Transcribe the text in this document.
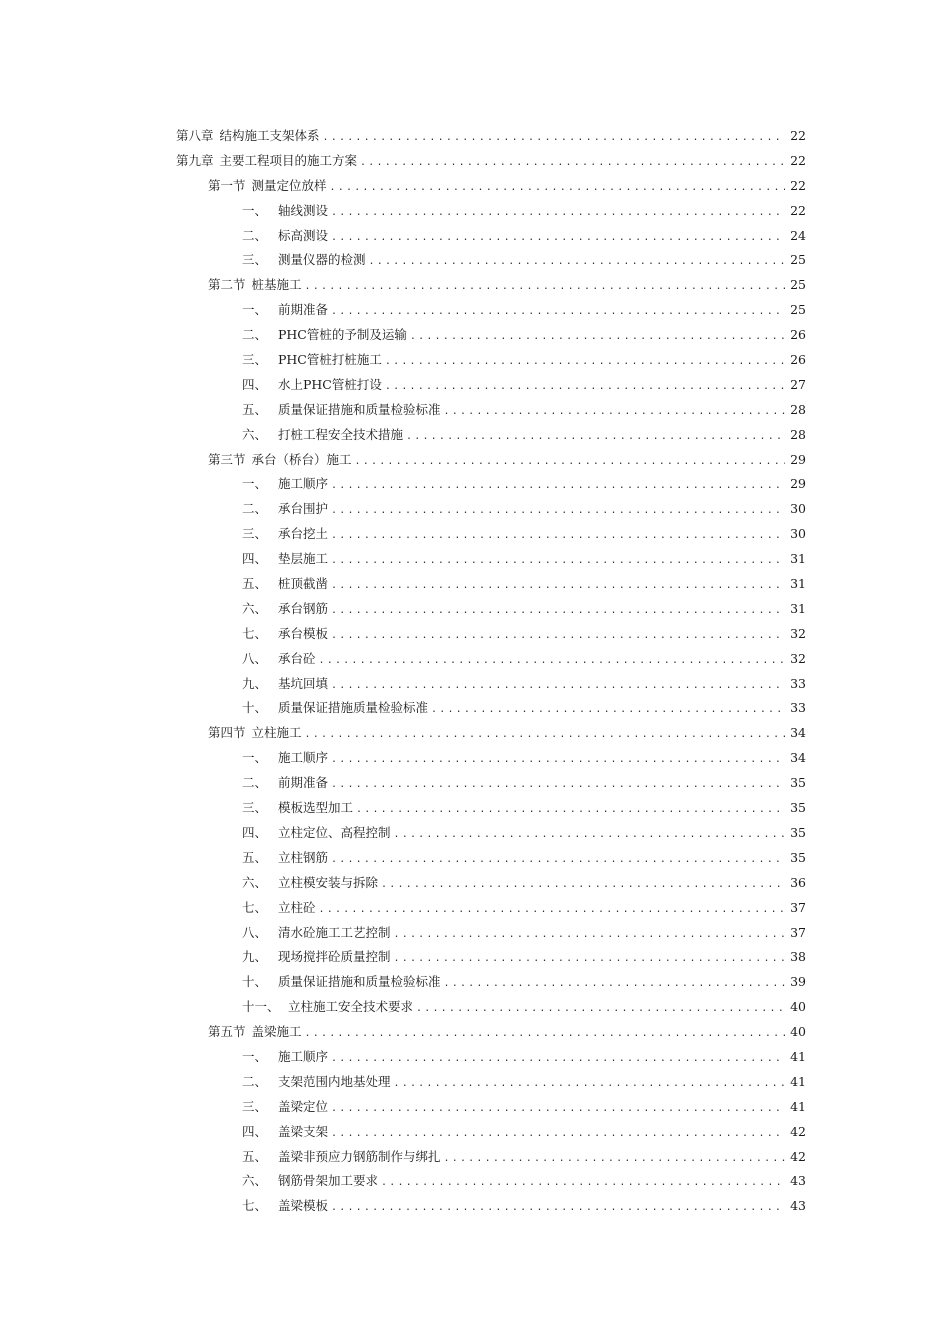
第八章 结构施工支架体系 .....	22
第九章 主要工程项目的施工方案 .....	22
第一节 测量定位放样 .....	22
一、 轴线测设 .....	22
二、 标高测设 .....	24
三、 测量仪器的检测 .....	25
第二节 桩基施工 .....	25
一、 前期准备 .....	25
二、 PHC管桩的予制及运输 .....	26
三、 PHC管桩打桩施工 .....	26
四、 水上PHC管桩打设 .....	27
五、 质量保证措施和质量检验标准 .....	28
六、 打桩工程安全技术措施 .....	28
第三节 承台（桥台）施工 .....	29
一、 施工顺序 .....	29
二、 承台围护 .....	30
三、 承台挖土 .....	30
四、 垫层施工 .....	31
五、 桩顶截凿 .....	31
六、 承台钢筋 .....	31
七、 承台模板 .....	32
八、 承台砼 .....	32
九、 基坑回填 .....	33
十、 质量保证措施质量检验标准 .....	33
第四节 立柱施工 .....	34
一、 施工顺序 .....	34
二、 前期准备 .....	35
三、 模板选型加工 .....	35
四、 立柱定位、高程控制 .....	35
五、 立柱钢筋 .....	35
六、 立柱模安装与拆除 .....	36
七、 立柱砼 .....	37
八、 清水砼施工工艺控制 .....	37
九、 现场搅拌砼质量控制 .....	38
十、 质量保证措施和质量检验标准 .....	39
十一、 立柱施工安全技术要求 .....	40
第五节 盖梁施工 .....	40
一、 施工顺序 .....	41
二、 支架范围内地基处理 .....	41
三、 盖梁定位 .....	41
四、 盖梁支架 .....	42
五、 盖梁非预应力钢筋制作与绑扎 .....	42
六、 钢筋骨架加工要求 .....	43
七、 盖梁模板 .....	43
